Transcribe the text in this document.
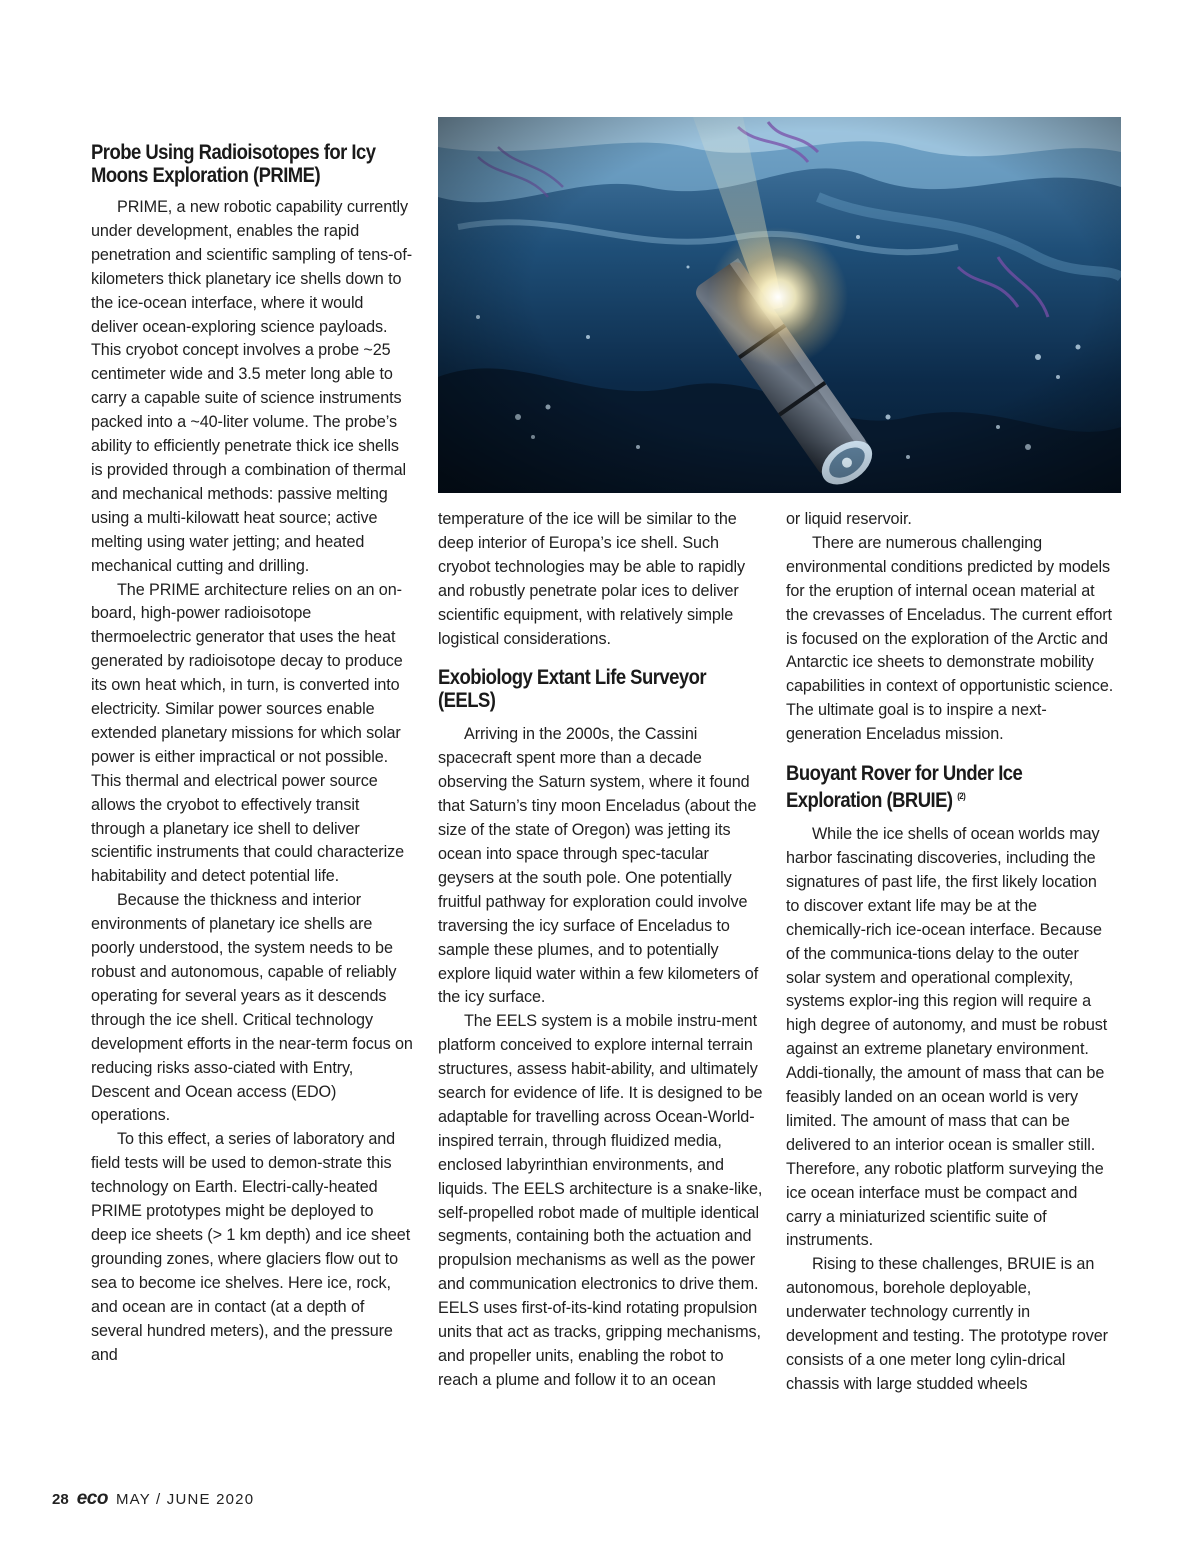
Probe Using Radioisotopes for Icy Moons Exploration (PRIME)

PRIME, a new robotic capability currently under development, enables the rapid penetration and scientific sampling of tens-of-kilometers thick planetary ice shells down to the ice-ocean interface, where it would deliver ocean-exploring science payloads. This cryobot concept involves a probe ~25 centimeter wide and 3.5 meter long able to carry a capable suite of science instruments packed into a ~40-liter volume. The probe’s ability to efficiently penetrate thick ice shells is provided through a combination of thermal and mechanical methods: passive melting using a multi-kilowatt heat source; active melting using water jetting; and heated mechanical cutting and drilling.

The PRIME architecture relies on an on-board, high-power radioisotope thermoelectric generator that uses the heat generated by radioisotope decay to produce its own heat which, in turn, is converted into electricity. Similar power sources enable extended planetary missions for which solar power is either impractical or not possible. This thermal and electrical power source allows the cryobot to effectively transit through a planetary ice shell to deliver scientific instruments that could characterize habitability and detect potential life.

Because the thickness and interior environments of planetary ice shells are poorly understood, the system needs to be robust and autonomous, capable of reliably operating for several years as it descends through the ice shell. Critical technology development efforts in the near-term focus on reducing risks asso-ciated with Entry, Descent and Ocean access (EDO) operations.

To this effect, a series of laboratory and field tests will be used to demon-strate this technology on Earth. Electri-cally-heated PRIME prototypes might be deployed to deep ice sheets (> 1 km depth) and ice sheet grounding zones, where glaciers flow out to sea to become ice shelves. Here ice, rock, and ocean are in contact (at a depth of several hundred meters), and the pressure and

temperature of the ice will be similar to the deep interior of Europa’s ice shell. Such cryobot technologies may be able to rapidly and robustly penetrate polar ices to deliver scientific equipment, with relatively simple logistical considerations.

Exobiology Extant Life Surveyor (EELS)

Arriving in the 2000s, the Cassini spacecraft spent more than a decade observing the Saturn system, where it found that Saturn’s tiny moon Enceladus (about the size of the state of Oregon) was jetting its ocean into space through spec-tacular geysers at the south pole. One potentially fruitful pathway for exploration could involve traversing the icy surface of Enceladus to sample these plumes, and to potentially explore liquid water within a few kilometers of the icy surface.

The EELS system is a mobile instru-ment platform conceived to explore internal terrain structures, assess habit-ability, and ultimately search for evidence of life. It is designed to be adaptable for travelling across Ocean-World-inspired terrain, through fluidized media, enclosed labyrinthian environments, and liquids. The EELS architecture is a snake-like, self-propelled robot made of multiple identical segments, containing both the actuation and propulsion mechanisms as well as the power and communication electronics to drive them. EELS uses first-of-its-kind rotating propulsion units that act as tracks, gripping mechanisms, and propeller units, enabling the robot to reach a plume and follow it to an ocean

or liquid reservoir.

There are numerous challenging environmental conditions predicted by models for the eruption of internal ocean material at the crevasses of Enceladus. The current effort is focused on the exploration of the Arctic and Antarctic ice sheets to demonstrate mobility capabilities in context of opportunistic science. The ultimate goal is to inspire a next-generation Enceladus mission.

Buoyant Rover for Under Ice Exploration (BRUIE) $^{(2)}$

While the ice shells of ocean worlds may harbor fascinating discoveries, including the signatures of past life, the first likely location to discover extant life may be at the chemically-rich ice-ocean interface. Because of the communica-tions delay to the outer solar system and operational complexity, systems explor-ing this region will require a high degree of autonomy, and must be robust against an extreme planetary environment. Addi-tionally, the amount of mass that can be feasibly landed on an ocean world is very limited. The amount of mass that can be delivered to an interior ocean is smaller still. Therefore, any robotic platform surveying the ice ocean interface must be compact and carry a miniaturized scientific suite of instruments.

Rising to these challenges, BRUIE is an autonomous, borehole deployable, underwater technology currently in development and testing. The prototype rover consists of a one meter long cylin-drical chassis with large studded wheels

28 eco MAY / JUNE 2020
